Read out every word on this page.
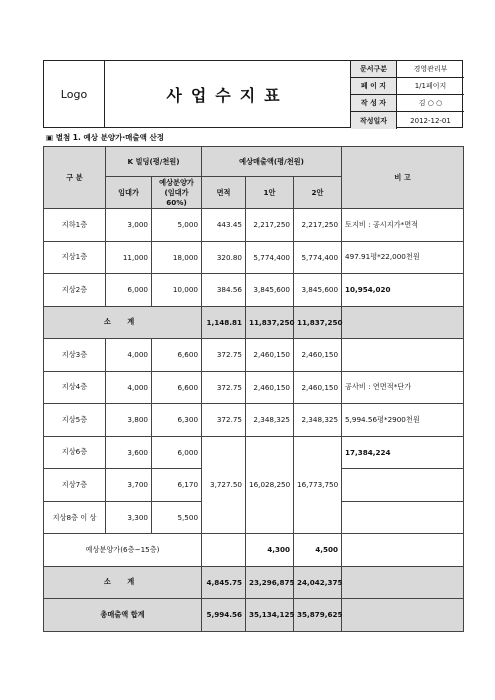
Logo	사업수지표
문서구분	경영관리부
페 이 지	1/1페이지
작 성 자	김 ○ ○
작성일자	2012-12-01
▣ 별첨 1. 예상 분양가·매출액 산정
구 분	K 빌딩(평/천원)		예상매출액(평/천원)			비 고
	임대가	예상분양가 (임대가 60%)	면적	1안	2안	
지하1층	3,000	5,000	443.45	2,217,250	2,217,250	토지비 : 공시지가*면적
지상1층	11,000	18,000	320.80	5,774,400	5,774,400	497.91평*22,000천원
지상2층	6,000	10,000	384.56	3,845,600	3,845,600	10,954,020
소 계			1,148.81	11,837,250	11,837,250	
지상3층	4,000	6,600	372.75	2,460,150	2,460,150	
지상4층	4,000	6,600	372.75	2,460,150	2,460,150	공사비 : 연면적*단가
지상5층	3,800	6,300	372.75	2,348,325	2,348,325	5,994.56평*2900천원
지상6층	3,600	6,000	3,727.50	16,028,250	16,773,750	17,384,224
지상7층	3,700	6,170				
지상8층 이 상	3,300	5,500				
예상분양가(6층~15층)				4,300	4,500	
소 계			4,845.75	23,296,875	24,042,375	
총매출액 합계			5,994.56	35,134,125	35,879,625	
